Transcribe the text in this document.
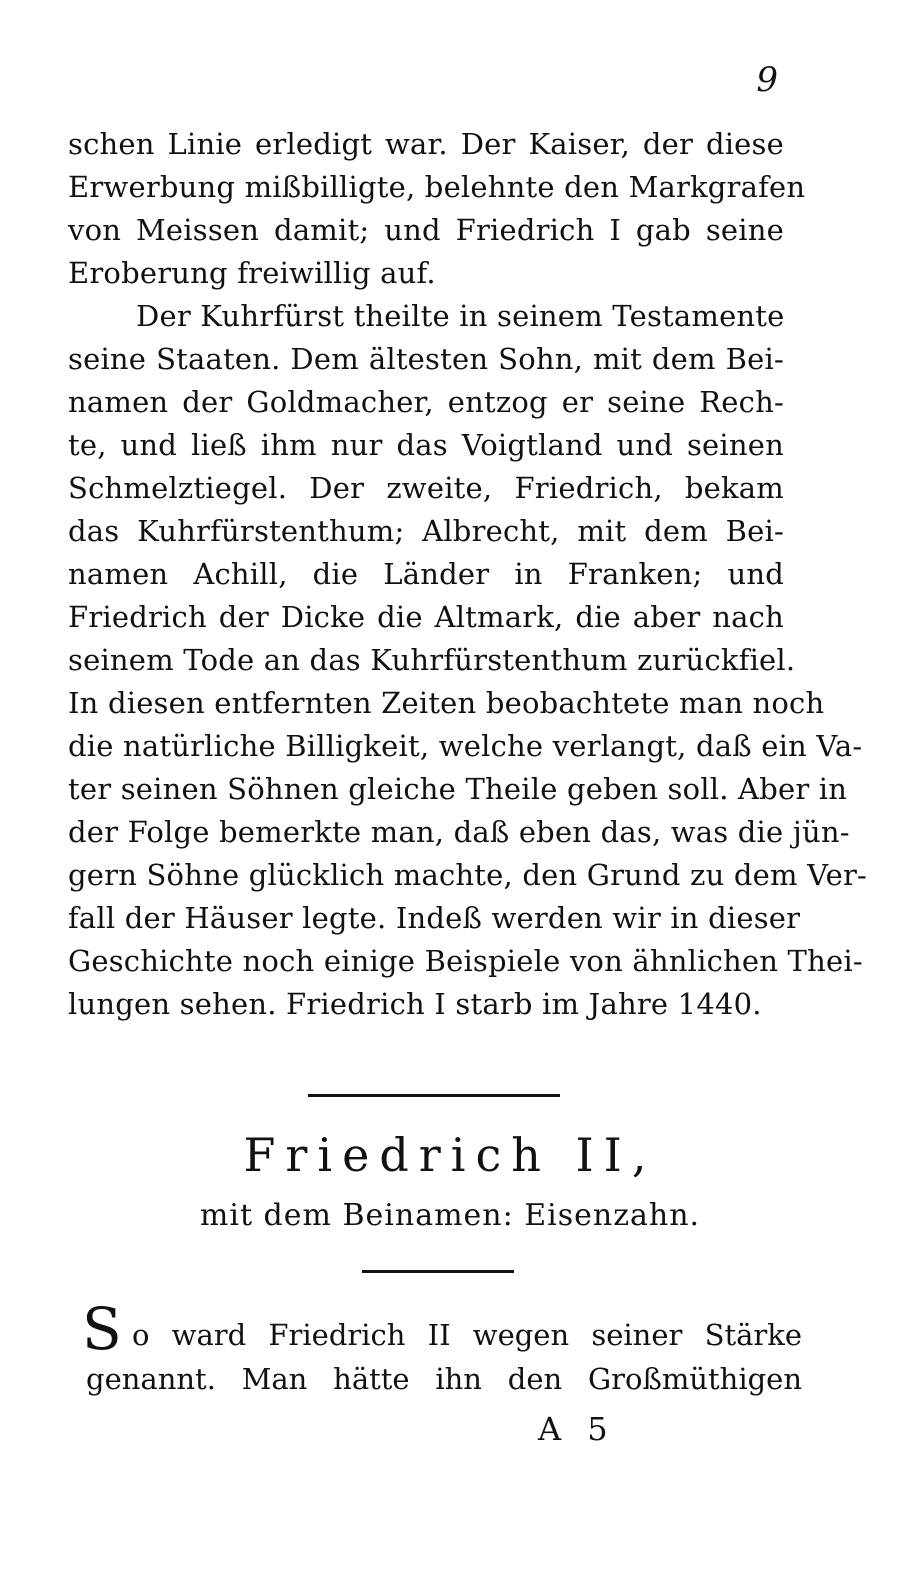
9
schen Linie erledigt war. Der Kaiser, der diese
Erwerbung mißbilligte, belehnte den Markgrafen
von Meissen damit; und Friedrich I gab seine
Eroberung freiwillig auf.
Der Kuhrfürst theilte in seinem Testamente
seine Staaten. Dem ältesten Sohn, mit dem Bei-
namen der Goldmacher, entzog er seine Rech-
te, und ließ ihm nur das Voigtland und seinen
Schmelztiegel. Der zweite, Friedrich, bekam
das Kuhrfürstenthum; Albrecht, mit dem Bei-
namen Achill, die Länder in Franken; und
Friedrich der Dicke die Altmark, die aber nach
seinem Tode an das Kuhrfürstenthum zurückfiel.
In diesen entfernten Zeiten beobachtete man noch
die natürliche Billigkeit, welche verlangt, daß ein Va-
ter seinen Söhnen gleiche Theile geben soll. Aber in
der Folge bemerkte man, daß eben das, was die jün-
gern Söhne glücklich machte, den Grund zu dem Ver-
fall der Häuser legte. Indeß werden wir in dieser
Geschichte noch einige Beispiele von ähnlichen Thei-
lungen sehen. Friedrich I starb im Jahre 1440.
Friedrich II,
mit dem Beinamen: Eisenzahn.
S o ward Friedrich II wegen seiner Stärke
genannt. Man hätte ihn den Großmüthigen
A 5
